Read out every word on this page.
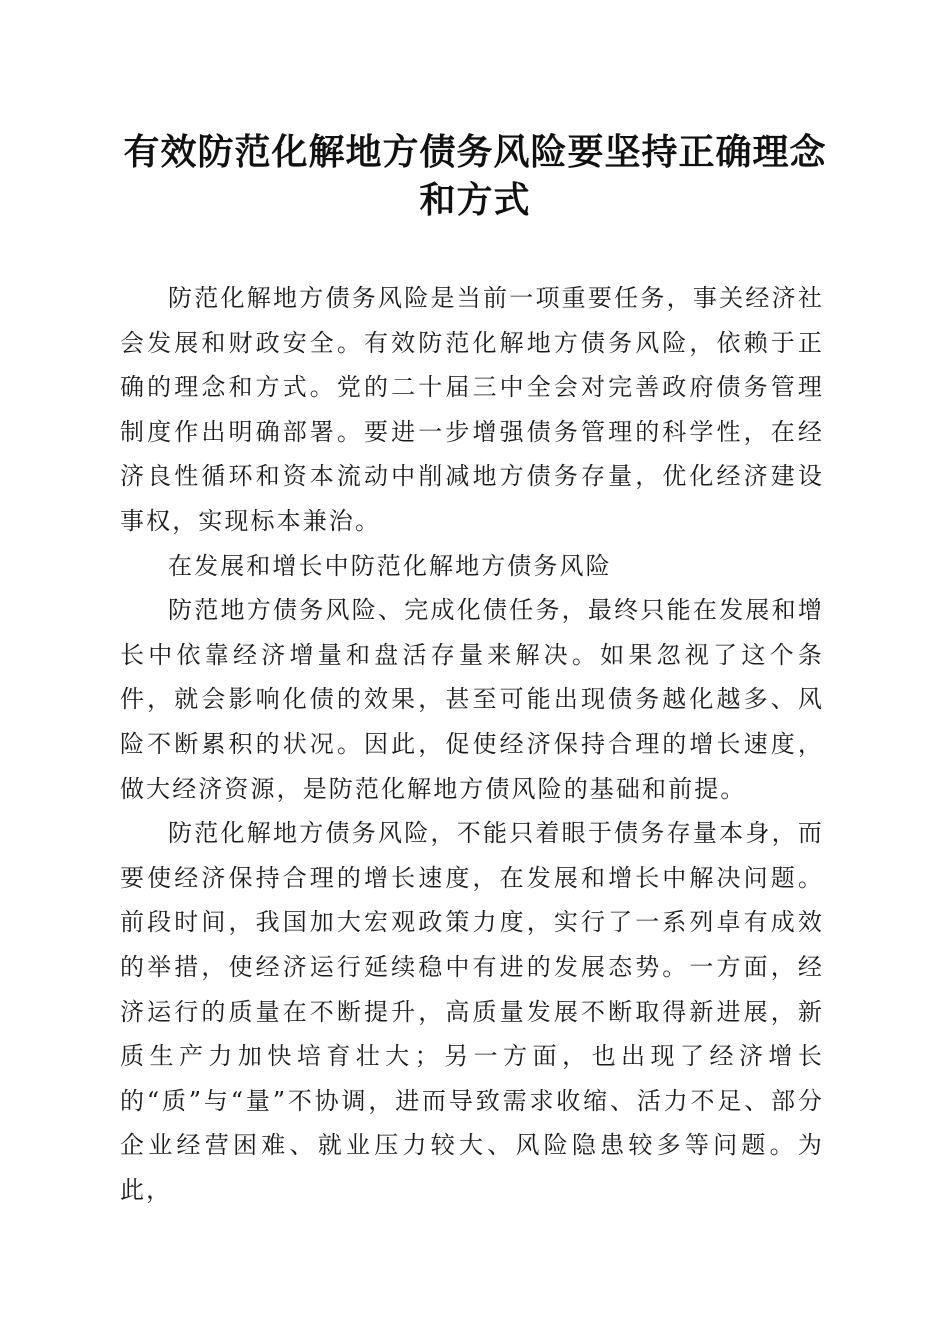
有效防范化解地方债务风险要坚持正确理念和方式

防范化解地方债务风险是当前一项重要任务，事关经济社会发展和财政安全。有效防范化解地方债务风险，依赖于正确的理念和方式。党的二十届三中全会对完善政府债务管理制度作出明确部署。要进一步增强债务管理的科学性，在经济良性循环和资本流动中削减地方债务存量，优化经济建设事权，实现标本兼治。

在发展和增长中防范化解地方债务风险

防范地方债务风险、完成化债任务，最终只能在发展和增长中依靠经济增量和盘活存量来解决。如果忽视了这个条件，就会影响化债的效果，甚至可能出现债务越化越多、风险不断累积的状况。因此，促使经济保持合理的增长速度，做大经济资源，是防范化解地方债风险的基础和前提。

防范化解地方债务风险，不能只着眼于债务存量本身，而要使经济保持合理的增长速度，在发展和增长中解决问题。前段时间，我国加大宏观政策力度，实行了一系列卓有成效的举措，使经济运行延续稳中有进的发展态势。一方面，经济运行的质量在不断提升，高质量发展不断取得新进展，新质生产力加快培育壮大；另一方面，也出现了经济增长的“质”与“量”不协调，进而导致需求收缩、活力不足、部分企业经营困难、就业压力较大、风险隐患较多等问题。为此，
